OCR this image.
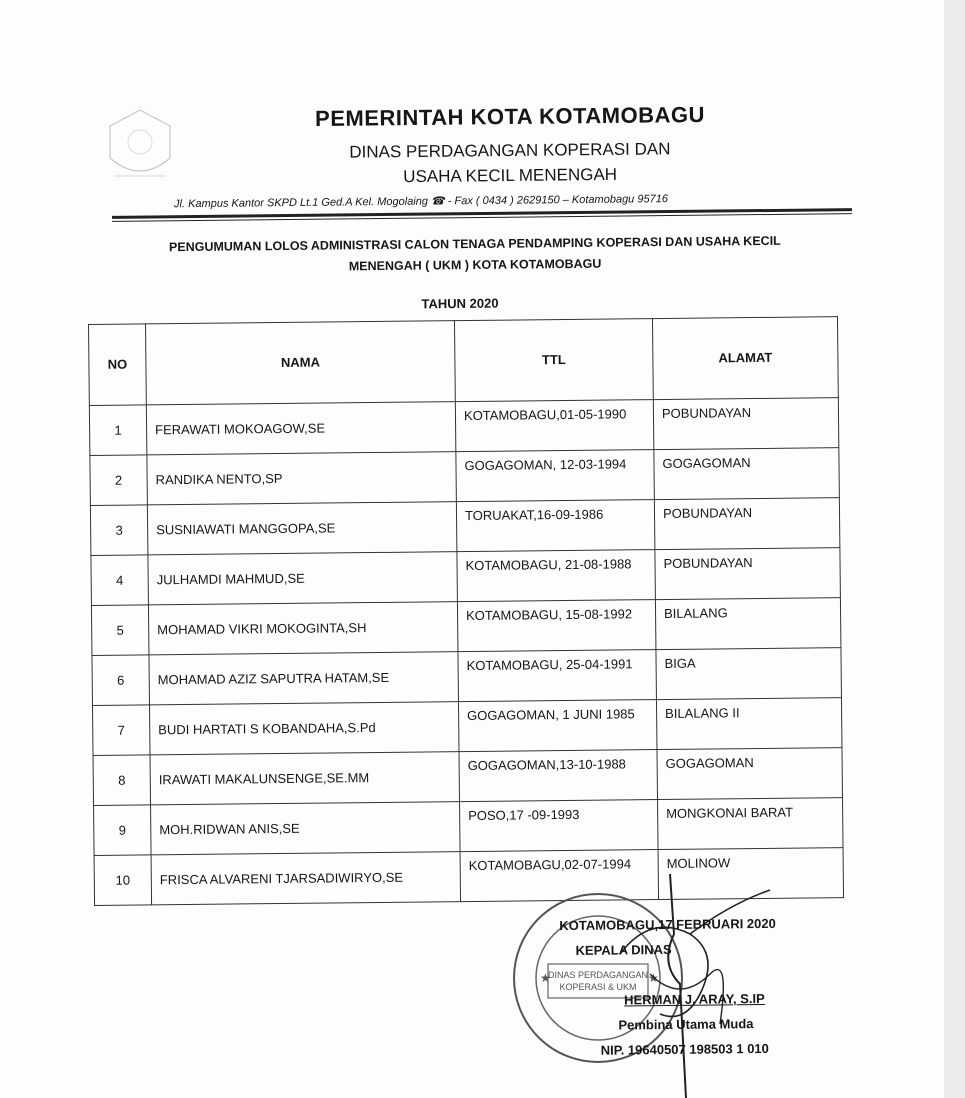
PEMERINTAH KOTA KOTAMOBAGU
DINAS PERDAGANGAN KOPERASI DAN
USAHA KECIL MENENGAH
Jl. Kampus Kantor SKPD Lt.1 Ged.A Kel. Mogolaing ☎ - Fax ( 0434 ) 2629150 – Kotamobagu 95716
PENGUMUMAN LOLOS ADMINISTRASI CALON TENAGA PENDAMPING KOPERASI DAN USAHA KECIL
MENENGAH ( UKM ) KOTA KOTAMOBAGU
TAHUN 2020
NO	NAMA	TTL	ALAMAT
1	FERAWATI MOKOAGOW,SE	KOTAMOBAGU,01-05-1990	POBUNDAYAN
2	RANDIKA NENTO,SP	GOGAGOMAN, 12-03-1994	GOGAGOMAN
3	SUSNIAWATI MANGGOPA,SE	TORUAKAT,16-09-1986	POBUNDAYAN
4	JULHAMDI MAHMUD,SE	KOTAMOBAGU, 21-08-1988	POBUNDAYAN
5	MOHAMAD VIKRI MOKOGINTA,SH	KOTAMOBAGU, 15-08-1992	BILALANG
6	MOHAMAD AZIZ SAPUTRA HATAM,SE	KOTAMOBAGU, 25-04-1991	BIGA
7	BUDI HARTATI S KOBANDAHA,S.Pd	GOGAGOMAN, 1 JUNI 1985	BILALANG II
8	IRAWATI MAKALUNSENGE,SE.MM	GOGAGOMAN,13-10-1988	GOGAGOMAN
9	MOH.RIDWAN ANIS,SE	POSO,17 -09-1993	MONGKONAI BARAT
10	FRISCA ALVARENI TJARSADIWIRYO,SE	KOTAMOBAGU,02-07-1994	MOLINOW
DINAS PERDAGANGAN
KOPERASI & UKM
★	★
KOTAMOBAGU,17 FEBRUARI 2020
KEPALA DINAS
HERMAN J. ARAY, S.IP
Pembina Utama Muda
NIP. 19640507 198503 1 010
